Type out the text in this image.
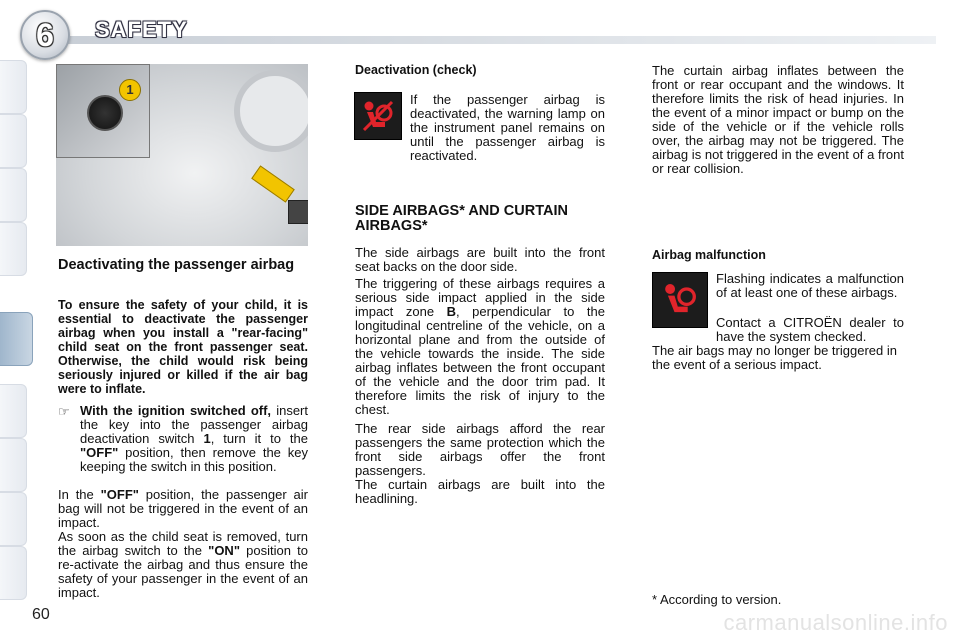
6	SAFETY
1
Deactivating the passenger airbag
To ensure the safety of your child, it is essential to deactivate the passenger airbag when you install a "rear-facing" child seat on the front passenger seat. Otherwise, the child would risk being seriously injured or killed if the air bag were to inflate.
☞ With the ignition switched off, insert the key into the passenger airbag deactivation switch 1, turn it to the "OFF" position, then remove the key keeping the switch in this position.

In the "OFF" position, the passenger air bag will not be triggered in the event of an impact.

As soon as the child seat is removed, turn the airbag switch to the "ON" position to re-activate the airbag and thus ensure the safety of your passenger in the event of an impact.

Deactivation (check)

If the passenger airbag is deactivated, the warning lamp on the instrument panel remains on until the passenger airbag is reactivated.

SIDE AIRBAGS* AND CURTAIN AIRBAGS*

The side airbags are built into the front seat backs on the door side.

The triggering of these airbags requires a serious side impact applied in the side impact zone B, perpendicular to the longitudinal centreline of the vehicle, on a horizontal plane and from the outside of the vehicle towards the inside. The side airbag inflates between the front occupant of the vehicle and the door trim pad. It therefore limits the risk of injury to the chest.

The rear side airbags afford the rear passengers the same protection which the front side airbags offer the front passengers.

The curtain airbags are built into the headlining.

The curtain airbag inflates between the front or rear occupant and the windows. It therefore limits the risk of head injuries. In the event of a minor impact or bump on the side of the vehicle or if the vehicle rolls over, the airbag may not be triggered. The airbag is not triggered in the event of a front or rear collision.

Airbag malfunction

Flashing indicates a malfunction of at least one of these airbags.

Contact a CITROËN dealer to have the system checked.

The air bags may no longer be triggered in the event of a serious impact.

* According to version.
60	carmanualsonline.info
